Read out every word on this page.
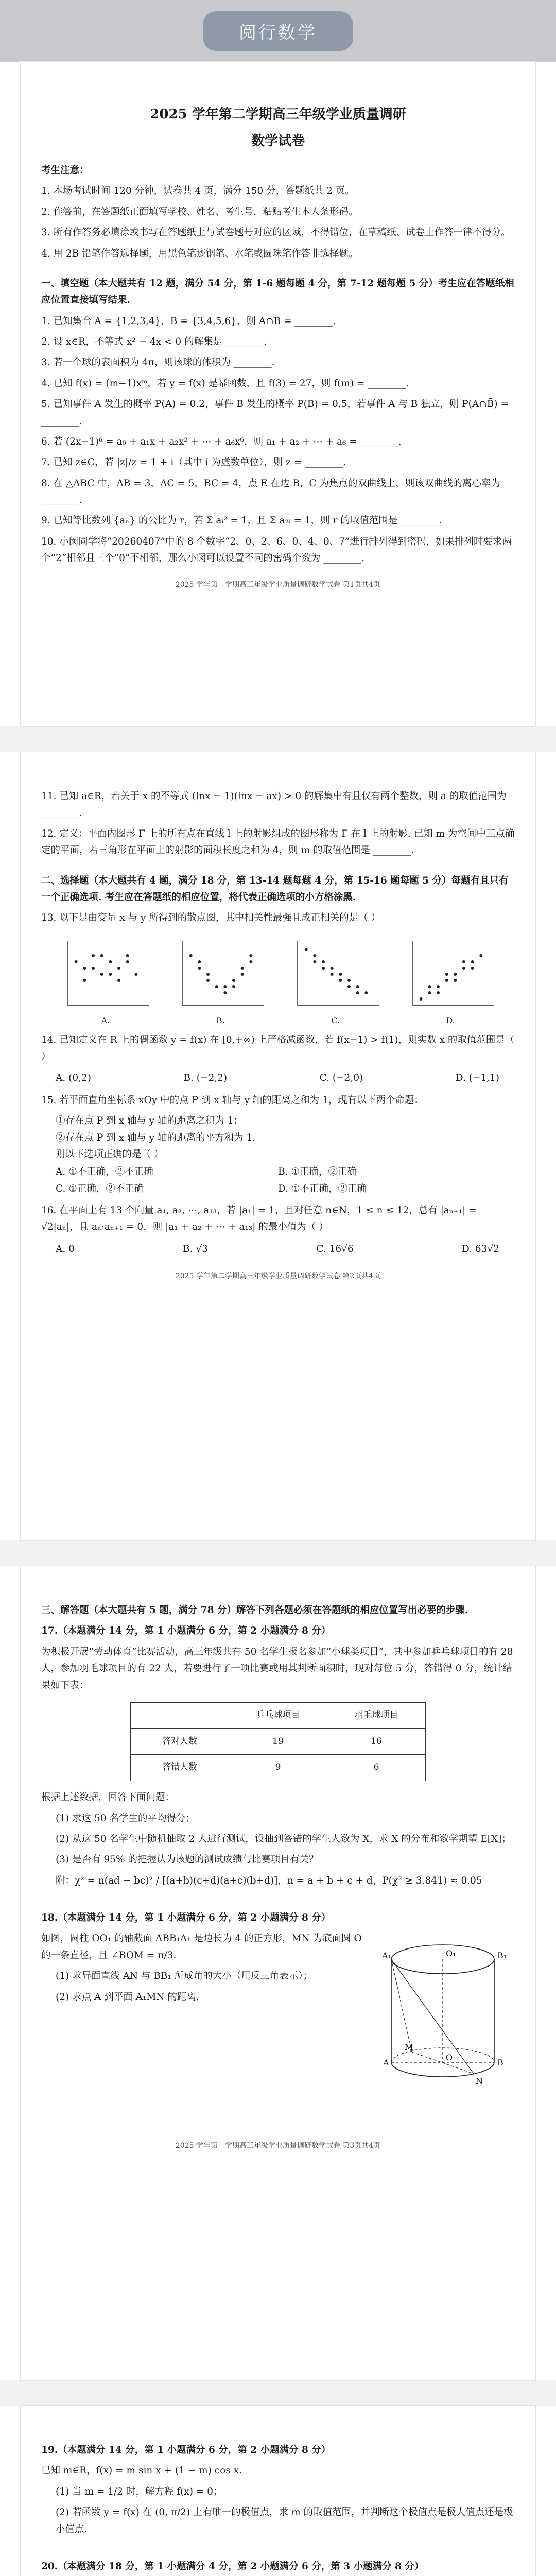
阅行数学
2025 学年第二学期高三年级学业质量调研
数学试卷
考生注意：
1. 本场考试时间 120 分钟，试卷共 4 页，满分 150 分，答题纸共 2 页。
2. 作答前，在答题纸正面填写学校、姓名、考生号，粘贴考生本人条形码。
3. 所有作答务必填涂或书写在答题纸上与试卷题号对应的区域，不得错位，在草稿纸、试卷上作答一律不得分。
4. 用 2B 铅笔作答选择题，用黑色笔迹钢笔、水笔或圆珠笔作答非选择题。
一、填空题（本大题共有 12 题，满分 54 分，第 1-6 题每题 4 分，第 7-12 题每题 5 分）考生应在答题纸相应位置直接填写结果.
1. 已知集合 A = {1,2,3,4}，B = {3,4,5,6}，则 A∩B = ________.
2. 设 x∈R，不等式 x² − 4x < 0 的解集是 ________.
3. 若一个球的表面积为 4π，则该球的体积为 ________.
4. 已知 f(x) = (m−1)xᵐ，若 y = f(x) 是幂函数，且 f(3) = 27，则 f(m) = ________.
5. 已知事件 A 发生的概率 P(A) = 0.2，事件 B 发生的概率 P(B) = 0.5，若事件 A 与 B 独立，则 P(A∩B̄) = ________.
6. 若 (2x−1)⁶ = a₀ + a₁x + a₂x² + ⋯ + a₆x⁶，则 a₁ + a₂ + ⋯ + a₆ = ________.
7. 已知 z∈C，若 |z|/z = 1 + i（其中 i 为虚数单位），则 z = ________.
8. 在 △ABC 中，AB = 3，AC = 5，BC = 4，点 E 在边 B，C 为焦点的双曲线上，则该双曲线的离心率为 ________.
9. 已知等比数列 {aₙ} 的公比为 r，若 Σ aᵢ² = 1，且 Σ a₂ᵢ = 1，则 r 的取值范围是 ________.
10. 小闵同学将“20260407”中的 8 个数字“2、0、2、6、0、4、0、7”进行排列得到密码，如果排列时要求两个“2”相邻且三个“0”不相邻，那么小闵可以设置不同的密码个数为 ________.
2025 学年第二学期高三年级学业质量调研数学试卷 第1页共4页
11. 已知 a∈R，若关于 x 的不等式 (lnx − 1)(lnx − ax) > 0 的解集中有且仅有两个整数，则 a 的取值范围为 ________.
12. 定义：平面内图形 Γ 上的所有点在直线 l 上的射影组成的图形称为 Γ 在 l 上的射影. 已知 m 为空间中三点确定的平面，若三角形在平面上的射影的面积长度之和为 4，则 m 的取值范围是 ________.
二、选择题（本大题共有 4 题，满分 18 分，第 13-14 题每题 4 分，第 15-16 题每题 5 分）每题有且只有一个正确选项. 考生应在答题纸的相应位置，将代表正确选项的小方格涂黑.
13. 以下是由变量 x 与 y 所得到的散点图，其中相关性最强且成正相关的是（ ）
A.	B.	C.	D.
14. 已知定义在 R 上的偶函数 y = f(x) 在 [0,+∞) 上严格减函数，若 f(x−1) > f(1)，则实数 x 的取值范围是（ ）
A. (0,2)	B. (−2,2)	C. (−2,0)	D. (−1,1)
15. 若平面直角坐标系 xOy 中的点 P 到 x 轴与 y 轴的距离之和为 1，现有以下两个命题：
①存在点 P 到 x 轴与 y 轴的距离之积为 1；
②存在点 P 到 x 轴与 y 轴的距离的平方和为 1.
则以下选项正确的是（ ）
A. ①不正确，②不正确	B. ①正确，②正确
C. ①正确，②不正确	D. ①不正确，②正确
16. 在平面上有 13 个向量 a₁, a₂, ⋯, a₁₃，若 |a₁| = 1，且对任意 n∈N，1 ≤ n ≤ 12，总有 |aₙ₊₁| = √2|aₙ|，且 aₙ·aₙ₊₁ = 0，则 |a₁ + a₂ + ⋯ + a₁₃| 的最小值为（ ）
A. 0	B. √3	C. 16√6	D. 63√2
2025 学年第二学期高三年级学业质量调研数学试卷 第2页共4页
三、解答题（本大题共有 5 题，满分 78 分）解答下列各题必须在答题纸的相应位置写出必要的步骤.
17.（本题满分 14 分，第 1 小题满分 6 分，第 2 小题满分 8 分）
为积极开展“劳动体育”比赛活动，高三年级共有 50 名学生报名参加“小球类项目”，其中参加乒乓球项目的有 28 人，参加羽毛球项目的有 22 人，若要进行了一项比赛或用其判断面积时，现对每位 5 分，答错得 0 分，统计结果如下表：
	乒乓球项目	羽毛球项目
答对人数	19	16
答错人数	9	6
根据上述数据，回答下面问题：
(1) 求这 50 名学生的平均得分；
(2) 从这 50 名学生中随机抽取 2 人进行测试，设抽到答错的学生人数为 X，求 X 的分布和数学期望 E[X]；
(3) 是否有 95% 的把握认为该题的测试成绩与比赛项目有关？
附：χ² = n(ad − bc)² / [(a+b)(c+d)(a+c)(b+d)]，n = a + b + c + d，P(χ² ≥ 3.841) ≈ 0.05
18.（本题满分 14 分，第 1 小题满分 6 分，第 2 小题满分 8 分）
A₁	B₁
O₁
A	B
O
M
N
如图，圆柱 OO₁ 的轴截面 ABB₁A₁ 是边长为 4 的正方形，MN 为底面圆 O 的一条直径，且 ∠BOM = π/3.
(1) 求异面直线 AN 与 BB₁ 所成角的大小（用反三角表示）；
(2) 求点 A 到平面 A₁MN 的距离.
2025 学年第二学期高三年级学业质量调研数学试卷 第3页共4页
19.（本题满分 14 分，第 1 小题满分 6 分，第 2 小题满分 8 分）
已知 m∈R，f(x) = m sin x + (1 − m) cos x.
(1) 当 m = 1/2 时，解方程 f(x) = 0；
(2) 若函数 y = f(x) 在 (0, π/2) 上有唯一的极值点，求 m 的取值范围，并判断这个极值点是极大值点还是极小值点.
20.（本题满分 18 分，第 1 小题满分 4 分，第 2 小题满分 6 分，第 3 小题满分 8 分）
